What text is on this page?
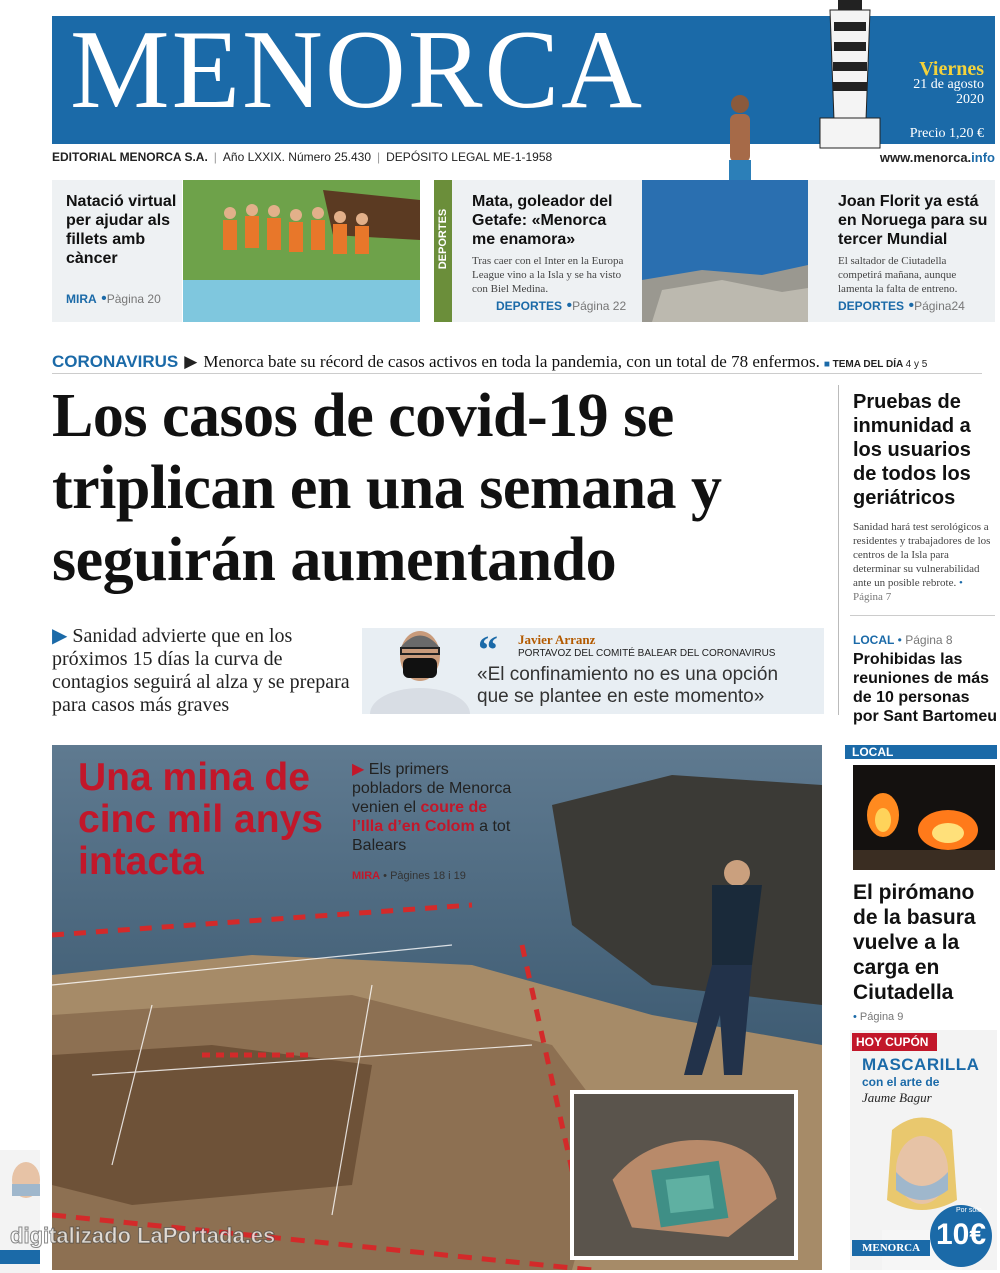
MENORCA	Viernes
21 de agosto
2020
Precio 1,20 €
EDITORIAL MENORCA S.A. | Año LXXIX. Número 25.430 | DEPÓSITO LEGAL ME-1-1958	www.menorca.info
Natació virtual per ajudar als fillets amb càncer
MIRA •Pàgina 20
DEPORTES
Mata, goleador del Getafe: «Menorca me enamora»
Tras caer con el Inter en la Europa League vino a la Isla y se ha visto con Biel Medina.
DEPORTES •Página 22
Joan Florit ya está en Noruega para su tercer Mundial
El saltador de Ciutadella competirá mañana, aunque lamenta la falta de entreno.
DEPORTES •Página24
CORONAVIRUS ▶ Menorca bate su récord de casos activos en toda la pandemia, con un total de 78 enfermos. ■ TEMA DEL DÍA 4 y 5
Los casos de covid-19 se triplican en una semana y seguirán aumentando
▶ Sanidad advierte que en los próximos 15 días la curva de contagios seguirá al alza y se prepara para casos más graves
“ Javier Arranz
PORTAVOZ DEL COMITÉ BALEAR DEL CORONAVIRUS
«El confinamiento no es una opción que se plantee en este momento»
Pruebas de inmunidad a los usuarios de todos los geriátricos
Sanidad hará test serológicos a residentes y trabajadores de los centros de la Isla para determinar su vulnerabilidad ante un posible rebrote. • Página 7
LOCAL • Página 8
Prohibidas las reuniones de más de 10 personas por Sant Bartomeu
Una mina de cinc mil anys intacta
▶ Els primers pobladors de Menorca venien el coure de l’Illa d’en Colom a tot Balears
MIRA • Pàgines 18 i 19
LOCAL
El pirómano de la basura vuelve a la carga en Ciutadella
• Página 9
HOY CUPÓN
MASCARILLA
con el arte de
Jaume Bagur
MENORCA 10€
Por solo
digitalizado LaPortada.es
